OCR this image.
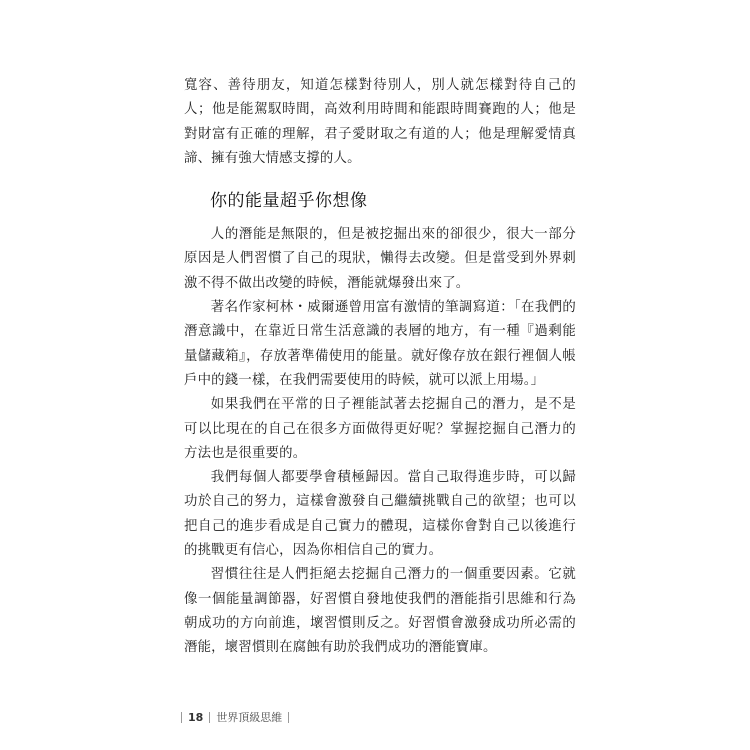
寬容、善待朋友，知道怎樣對待別人，別人就怎樣對待自己的人；他是能駕馭時間，高效利用時間和能跟時間賽跑的人；他是對財富有正確的理解，君子愛財取之有道的人；他是理解愛情真諦、擁有強大情感支撐的人。

你的能量超乎你想像

人的潛能是無限的，但是被挖掘出來的卻很少，很大一部分原因是人們習慣了自己的現狀，懶得去改變。但是當受到外界刺激不得不做出改變的時候，潛能就爆發出來了。

著名作家柯林・威爾遜曾用富有激情的筆調寫道：「在我們的潛意識中，在靠近日常生活意識的表層的地方，有一種『過剩能量儲藏箱』，存放著準備使用的能量。就好像存放在銀行裡個人帳戶中的錢一樣，在我們需要使用的時候，就可以派上用場。」

如果我們在平常的日子裡能試著去挖掘自己的潛力，是不是可以比現在的自己在很多方面做得更好呢？掌握挖掘自己潛力的方法也是很重要的。

我們每個人都要學會積極歸因。當自己取得進步時，可以歸功於自己的努力，這樣會激發自己繼續挑戰自己的欲望；也可以把自己的進步看成是自己實力的體現，這樣你會對自己以後進行的挑戰更有信心，因為你相信自己的實力。

習慣往往是人們拒絕去挖掘自己潛力的一個重要因素。它就像一個能量調節器，好習慣自發地使我們的潛能指引思維和行為朝成功的方向前進，壞習慣則反之。好習慣會激發成功所必需的潛能，壞習慣則在腐蝕有助於我們成功的潛能寶庫。

18 世界頂級思維
